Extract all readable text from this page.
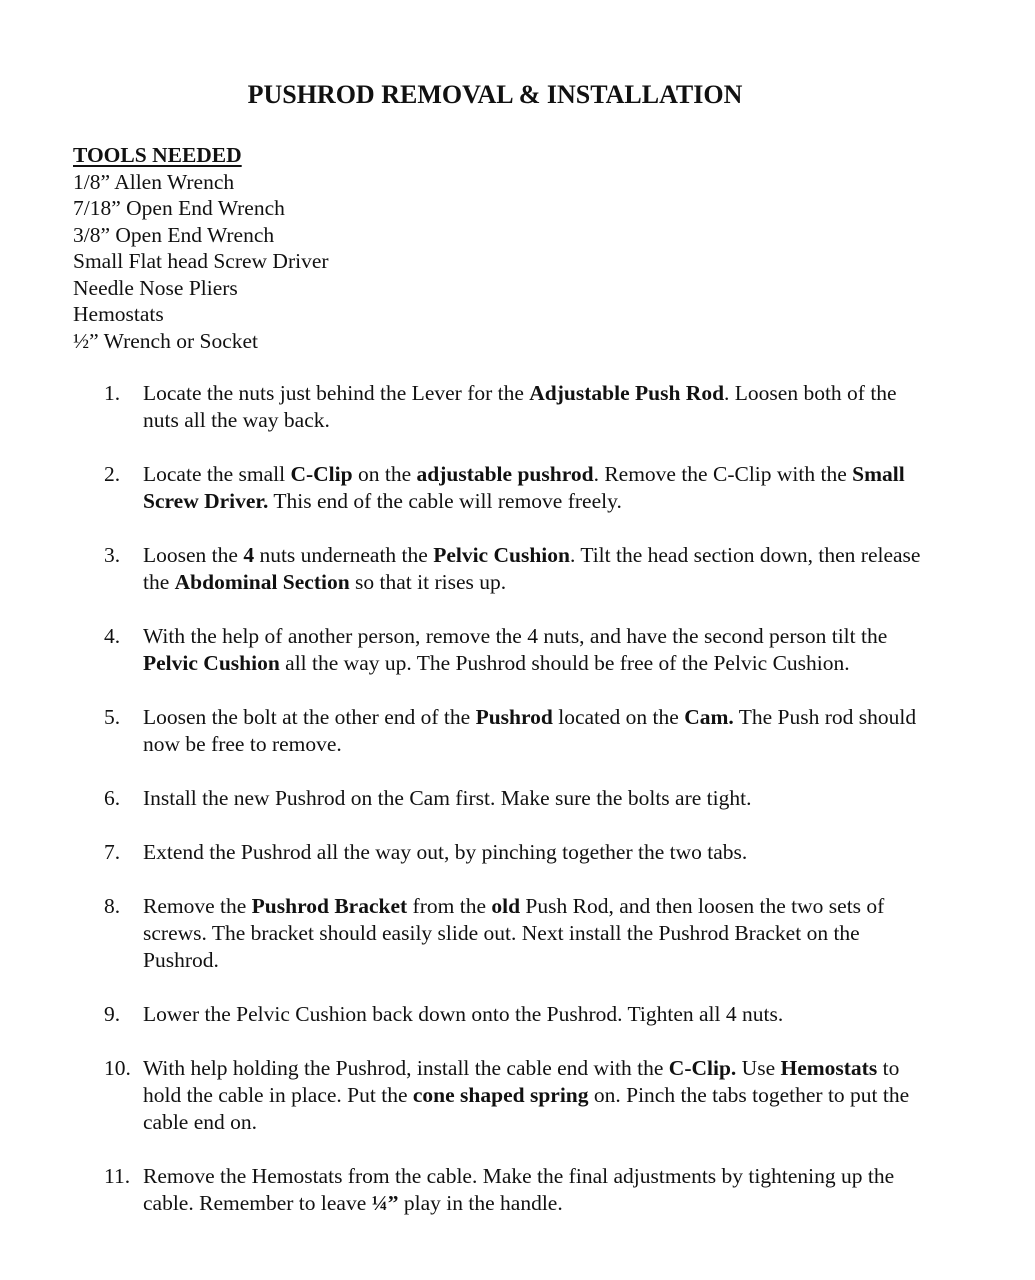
PUSHROD REMOVAL & INSTALLATION
TOOLS NEEDED
1/8” Allen Wrench
7/18” Open End Wrench
3/8” Open End Wrench
Small Flat head Screw Driver
Needle Nose Pliers
Hemostats
½” Wrench or Socket
1.	Locate the nuts just behind the Lever for the Adjustable Push Rod. Loosen both of the nuts all the way back.
2.	Locate the small C-Clip on the adjustable pushrod. Remove the C-Clip with the Small Screw Driver. This end of the cable will remove freely.
3.	Loosen the 4 nuts underneath the Pelvic Cushion. Tilt the head section down, then release the Abdominal Section so that it rises up.
4.	With the help of another person, remove the 4 nuts, and have the second person tilt the Pelvic Cushion all the way up. The Pushrod should be free of the Pelvic Cushion.
5.	Loosen the bolt at the other end of the Pushrod located on the Cam. The Push rod should now be free to remove.
6.	Install the new Pushrod on the Cam first. Make sure the bolts are tight.
7.	Extend the Pushrod all the way out, by pinching together the two tabs.
8.	Remove the Pushrod Bracket from the old Push Rod, and then loosen the two sets of screws. The bracket should easily slide out. Next install the Pushrod Bracket on the Pushrod.
9.	Lower the Pelvic Cushion back down onto the Pushrod. Tighten all 4 nuts.
10. With help holding the Pushrod, install the cable end with the C-Clip. Use Hemostats to hold the cable in place. Put the cone shaped spring on. Pinch the tabs together to put the cable end on.
11. Remove the Hemostats from the cable. Make the final adjustments by tightening up the cable. Remember to leave ¼” play in the handle.
